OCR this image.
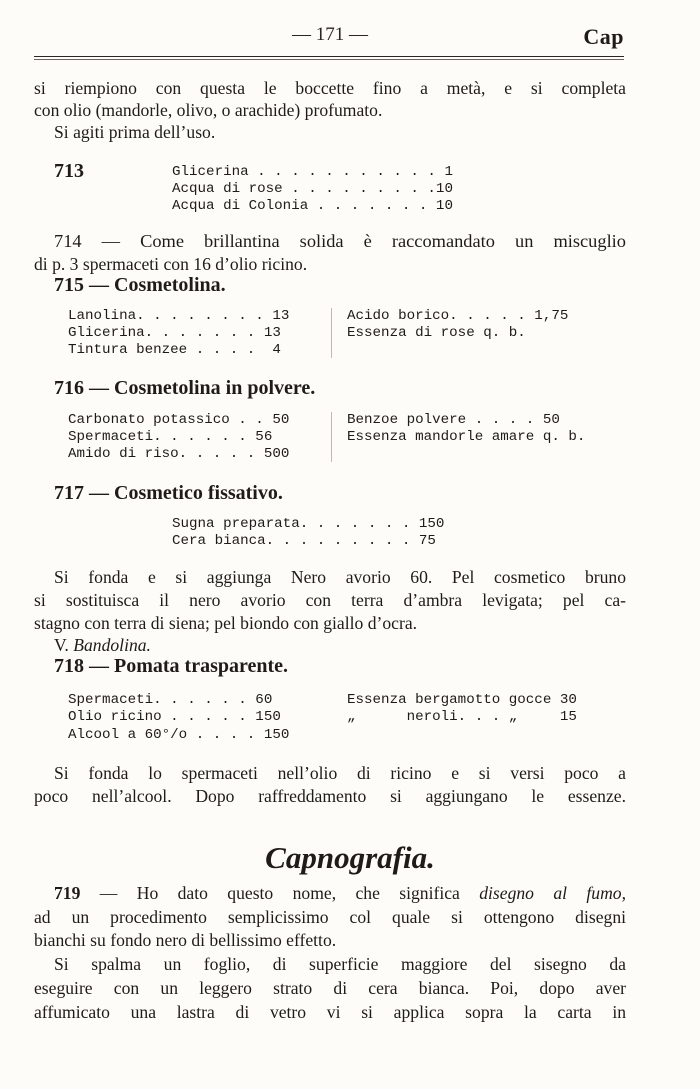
— 171 —	Cap
si riempiono con questa le boccette fino a metà, e si completa
con olio (mandorle, olivo, o arachide) profumato.
Si agiti prima dell’uso.
713	Glicerina . . . . . . . . . . . 1
Acqua di rose . . . . . . . . .10
Acqua di Colonia . . . . . . . 10
714 — Come brillantina solida è raccomandato un miscuglio
di p. 3 spermaceti con 16 d’olio ricino.
715 — Cosmetolina.
Lanolina. . . . . . . . 13
Glicerina. . . . . . . 13
Tintura benzee . . . .  4
Acido borico. . . . . 1,75
Essenza di rose q. b.
716 — Cosmetolina in polvere.
Carbonato potassico . . 50
Spermaceti. . . . . . 56
Amido di riso. . . . . 500
Benzoe polvere . . . . 50
Essenza mandorle amare q. b.
717 — Cosmetico fissativo.
Sugna preparata. . . . . . . 150
Cera bianca. . . . . . . . . 75
Si fonda e si aggiunga Nero avorio 60. Pel cosmetico bruno
si sostituisca il nero avorio con terra d’ambra levigata; pel ca-
stagno con terra di siena; pel biondo con giallo d’ocra.
V. Bandolina.
718 — Pomata trasparente.
Spermaceti. . . . . . 60
Olio ricino . . . . . 150
Alcool a 60°/o . . . . 150
Essenza bergamotto gocce 30
„      neroli. . . „     15
Si fonda lo spermaceti nell’olio di ricino e si versi poco a
poco nell’alcool. Dopo raffreddamento si aggiungano le essenze.
Capnografia.
719 — Ho dato questo nome, che significa disegno al fumo,
ad un procedimento semplicissimo col quale si ottengono disegni
bianchi su fondo nero di bellissimo effetto.
Si spalma un foglio, di superficie maggiore del sisegno da
eseguire con un leggero strato di cera bianca. Poi, dopo aver
affumicato una lastra di vetro vi si applica sopra la carta in
